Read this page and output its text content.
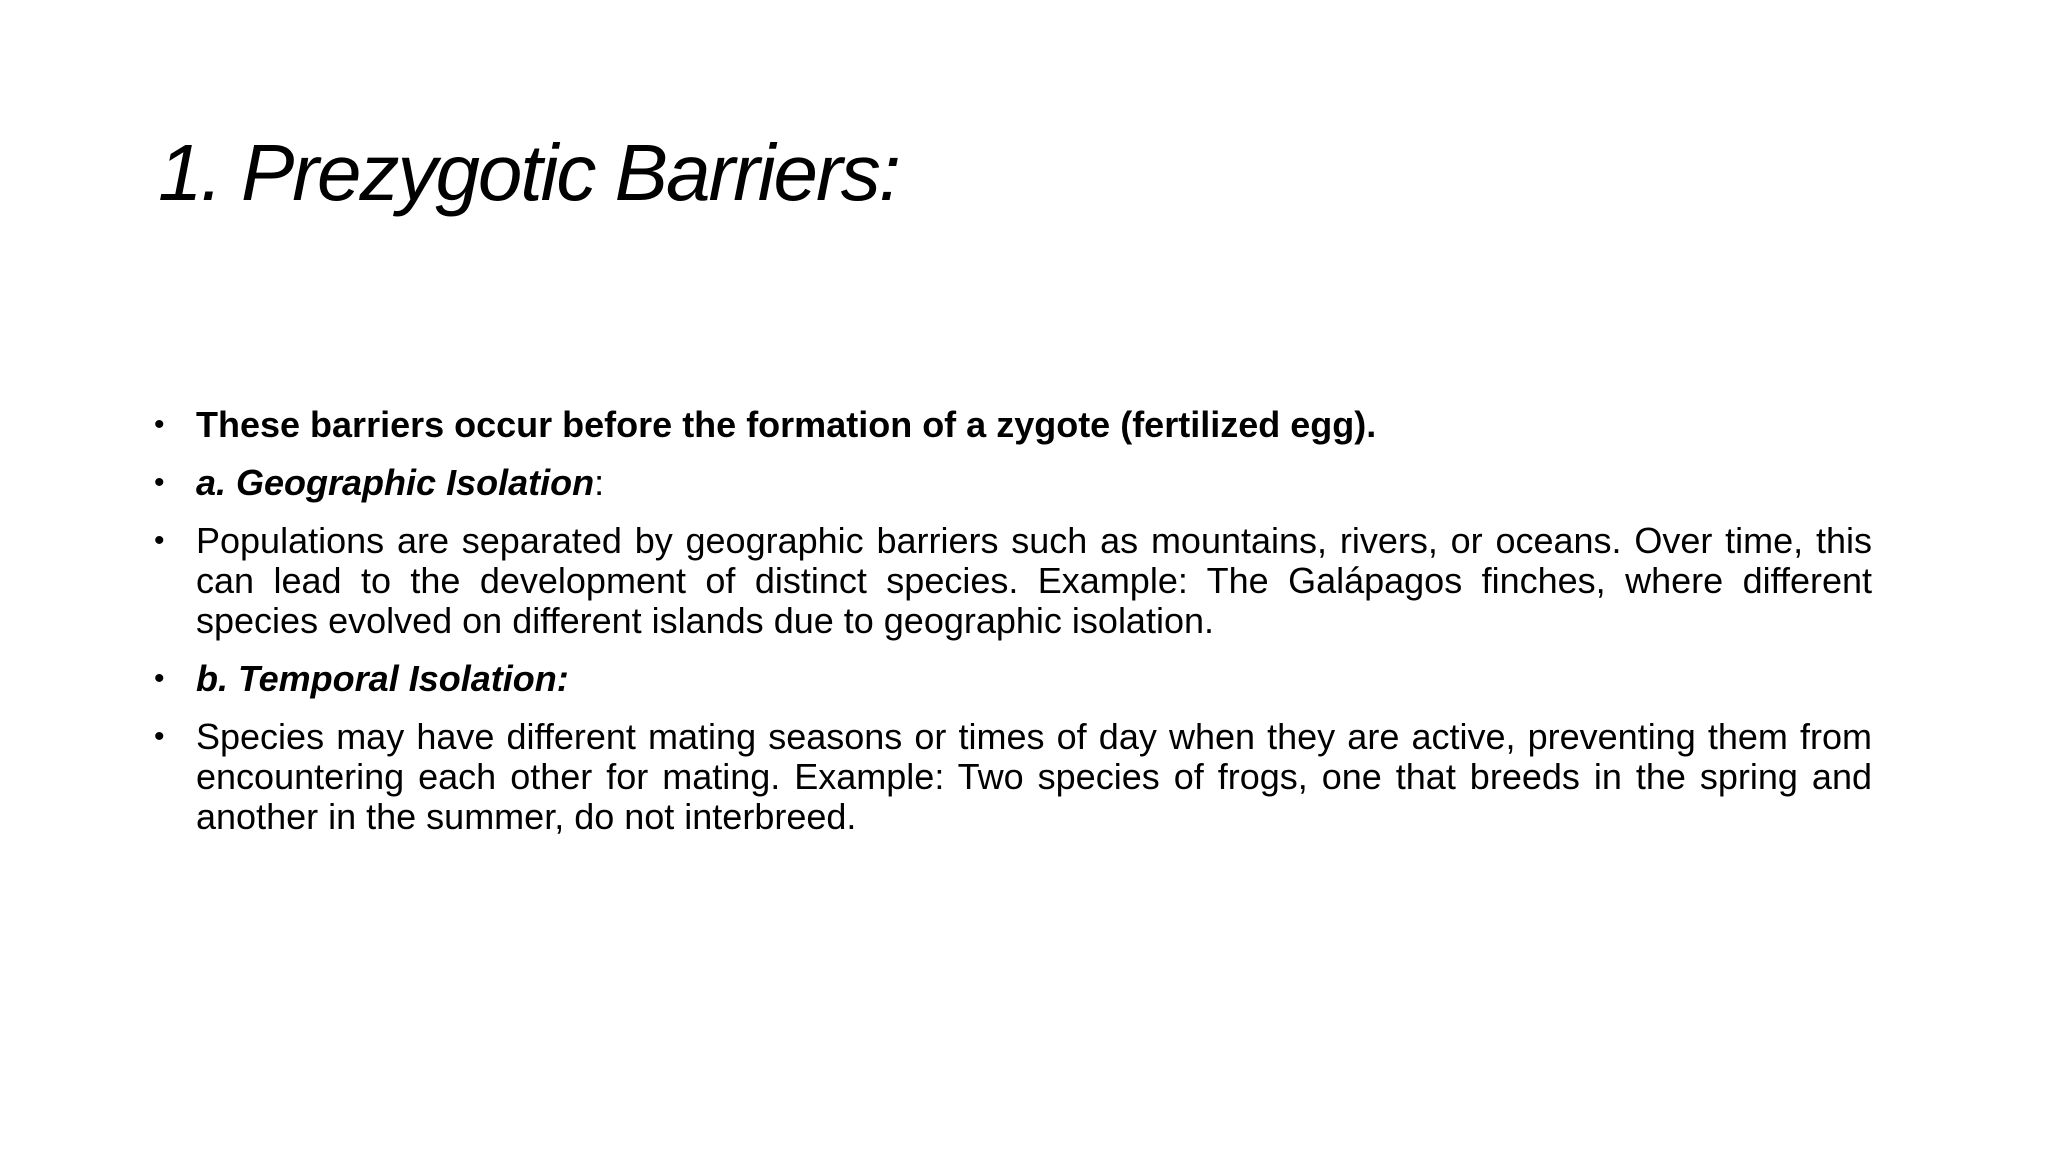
1. Prezygotic Barriers:
• These barriers occur before the formation of a zygote (fertilized egg).
• a. Geographic Isolation:
• Populations are separated by geographic barriers such as mountains, rivers, or oceans. Over time, this can lead to the development of distinct species. Example: The Galápagos finches, where different species evolved on different islands due to geographic isolation.
• b. Temporal Isolation:
• Species may have different mating seasons or times of day when they are active, preventing them from encountering each other for mating. Example: Two species of frogs, one that breeds in the spring and another in the summer, do not interbreed.
